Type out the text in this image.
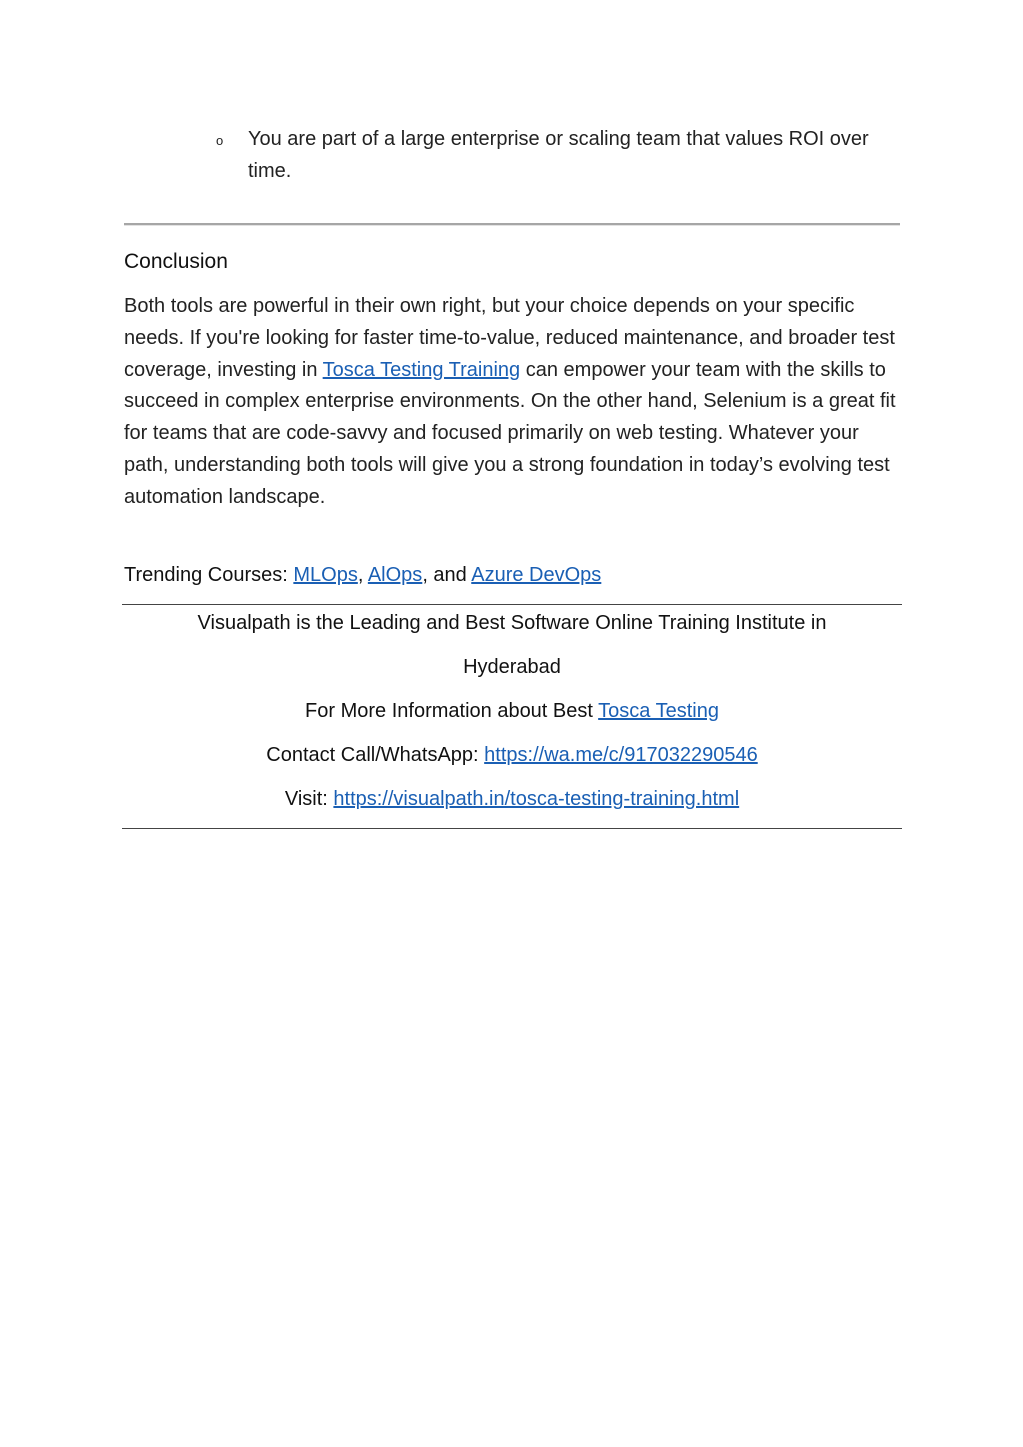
o You are part of a large enterprise or scaling team that values ROI over time.
Conclusion
Both tools are powerful in their own right, but your choice depends on your specific needs. If you're looking for faster time-to-value, reduced maintenance, and broader test coverage, investing in Tosca Testing Training can empower your team with the skills to succeed in complex enterprise environments. On the other hand, Selenium is a great fit for teams that are code-savvy and focused primarily on web testing. Whatever your path, understanding both tools will give you a strong foundation in today’s evolving test automation landscape.
Trending Courses: MLOps, AlOps, and Azure DevOps
Visualpath is the Leading and Best Software Online Training Institute in
Hyderabad
For More Information about Best Tosca Testing
Contact Call/WhatsApp: https://wa.me/c/917032290546
Visit: https://visualpath.in/tosca-testing-training.html
